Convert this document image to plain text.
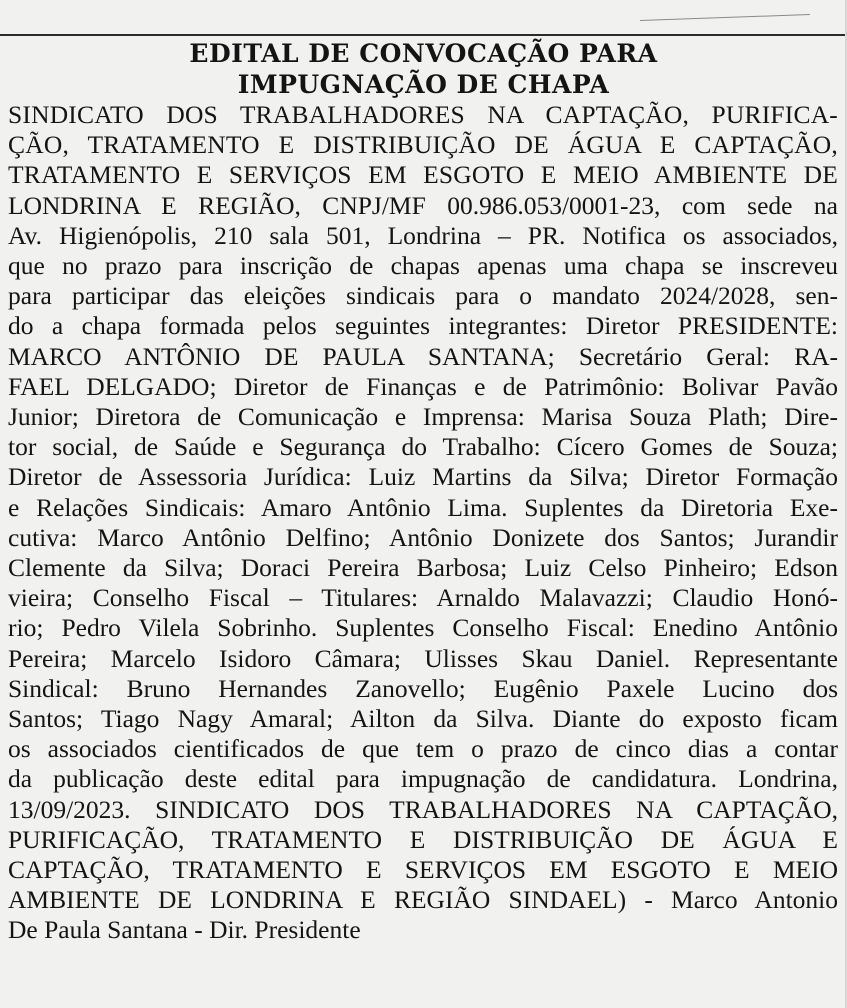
EDITAL DE CONVOCAÇÃO PARA
IMPUGNAÇÃO DE CHAPA
SINDICATO DOS TRABALHADORES NA CAPTAÇÃO, PURIFICA-
ÇÃO, TRATAMENTO E DISTRIBUIÇÃO DE ÁGUA E CAPTAÇÃO,
TRATAMENTO E SERVIÇOS EM ESGOTO E MEIO AMBIENTE DE
LONDRINA E REGIÃO, CNPJ/MF 00.986.053/0001-23, com sede na
Av. Higienópolis, 210 sala 501, Londrina – PR. Notifica os associados,
que no prazo para inscrição de chapas apenas uma chapa se inscreveu
para participar das eleições sindicais para o mandato 2024/2028, sen-
do a chapa formada pelos seguintes integrantes: Diretor PRESIDENTE:
MARCO ANTÔNIO DE PAULA SANTANA; Secretário Geral: RA-
FAEL DELGADO; Diretor de Finanças e de Patrimônio: Bolivar Pavão
Junior; Diretora de Comunicação e Imprensa: Marisa Souza Plath; Dire-
tor social, de Saúde e Segurança do Trabalho: Cícero Gomes de Souza;
Diretor de Assessoria Jurídica: Luiz Martins da Silva; Diretor Formação
e Relações Sindicais: Amaro Antônio Lima. Suplentes da Diretoria Exe-
cutiva: Marco Antônio Delfino; Antônio Donizete dos Santos; Jurandir
Clemente da Silva; Doraci Pereira Barbosa; Luiz Celso Pinheiro; Edson
vieira; Conselho Fiscal – Titulares: Arnaldo Malavazzi; Claudio Honó-
rio; Pedro Vilela Sobrinho. Suplentes Conselho Fiscal: Enedino Antônio
Pereira; Marcelo Isidoro Câmara; Ulisses Skau Daniel. Representante
Sindical: Bruno Hernandes Zanovello; Eugênio Paxele Lucino dos
Santos; Tiago Nagy Amaral; Ailton da Silva. Diante do exposto ficam
os associados cientificados de que tem o prazo de cinco dias a contar
da publicação deste edital para impugnação de candidatura. Londrina,
13/09/2023. SINDICATO DOS TRABALHADORES NA CAPTAÇÃO,
PURIFICAÇÃO, TRATAMENTO E DISTRIBUIÇÃO DE ÁGUA E
CAPTAÇÃO, TRATAMENTO E SERVIÇOS EM ESGOTO E MEIO
AMBIENTE DE LONDRINA E REGIÃO SINDAEL) - Marco Antonio
De Paula Santana - Dir. Presidente
